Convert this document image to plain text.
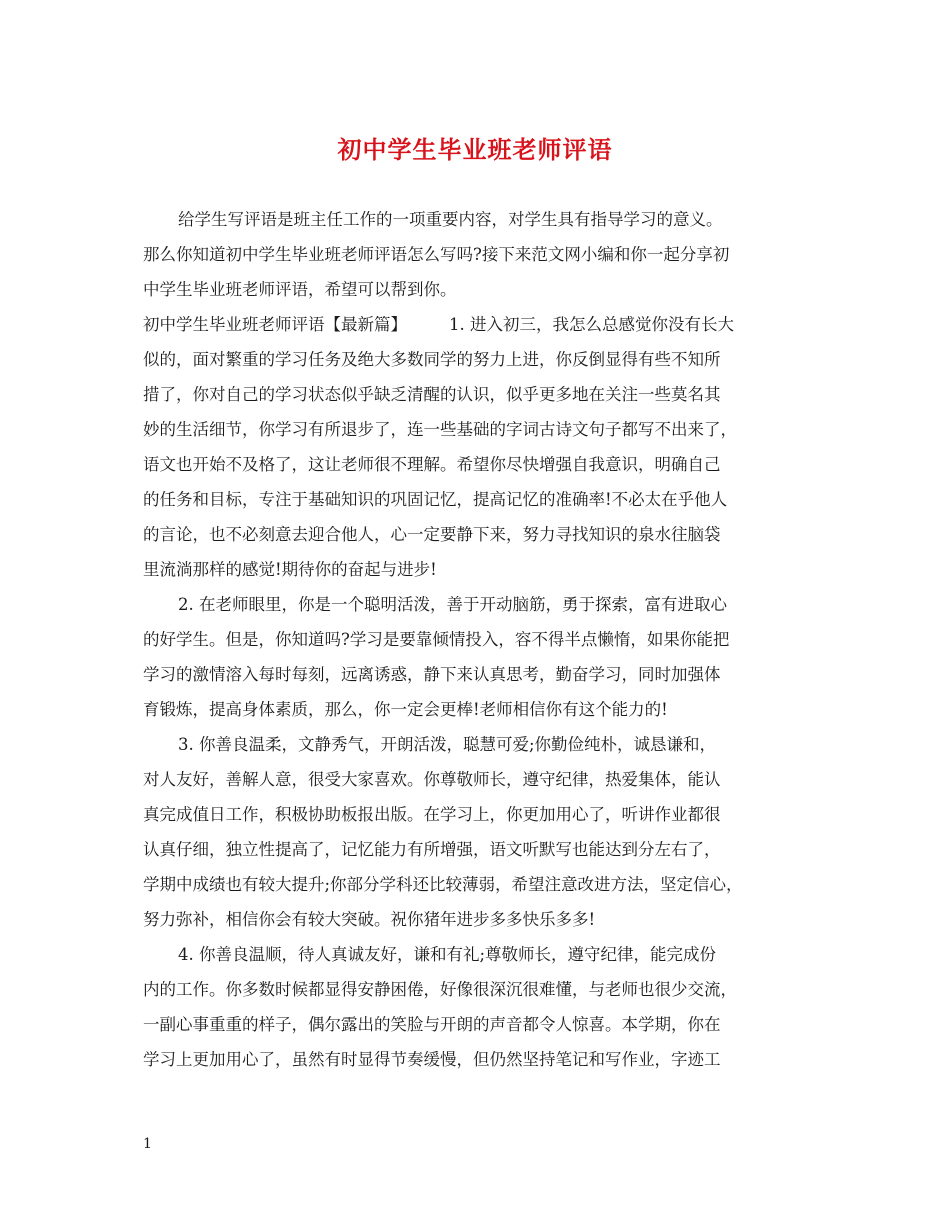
初中学生毕业班老师评语
给学生写评语是班主任工作的一项重要内容，对学生具有指导学习的意义。
那么你知道初中学生毕业班老师评语怎么写吗?接下来范文网小编和你一起分享初
中学生毕业班老师评语，希望可以帮到你。
初中学生毕业班老师评语【最新篇】	1. 进入初三，我怎么总感觉你没有长大
似的，面对繁重的学习任务及绝大多数同学的努力上进，你反倒显得有些不知所
措了，你对自己的学习状态似乎缺乏清醒的认识，似乎更多地在关注一些莫名其
妙的生活细节，你学习有所退步了，连一些基础的字词古诗文句子都写不出来了，
语文也开始不及格了，这让老师很不理解。希望你尽快增强自我意识，明确自己
的任务和目标，专注于基础知识的巩固记忆，提高记忆的准确率!不必太在乎他人
的言论，也不必刻意去迎合他人，心一定要静下来，努力寻找知识的泉水往脑袋
里流淌那样的感觉!期待你的奋起与进步!
2. 在老师眼里，你是一个聪明活泼，善于开动脑筋，勇于探索，富有进取心
的好学生。但是，你知道吗?学习是要靠倾情投入，容不得半点懒惰，如果你能把
学习的激情溶入每时每刻，远离诱惑，静下来认真思考，勤奋学习，同时加强体
育锻炼，提高身体素质，那么，你一定会更棒!老师相信你有这个能力的!
3. 你善良温柔，文静秀气，开朗活泼，聪慧可爱;你勤俭纯朴，诚恳谦和，
对人友好，善解人意，很受大家喜欢。你尊敬师长，遵守纪律，热爱集体，能认
真完成值日工作，积极协助板报出版。在学习上，你更加用心了，听讲作业都很
认真仔细，独立性提高了，记忆能力有所增强，语文听默写也能达到分左右了，
学期中成绩也有较大提升;你部分学科还比较薄弱，希望注意改进方法，坚定信心，
努力弥补，相信你会有较大突破。祝你猪年进步多多快乐多多!
4. 你善良温顺，待人真诚友好，谦和有礼;尊敬师长，遵守纪律，能完成份
内的工作。你多数时候都显得安静困倦，好像很深沉很难懂，与老师也很少交流，
一副心事重重的样子，偶尔露出的笑脸与开朗的声音都令人惊喜。本学期，你在
学习上更加用心了，虽然有时显得节奏缓慢，但仍然坚持笔记和写作业，字迹工
1
